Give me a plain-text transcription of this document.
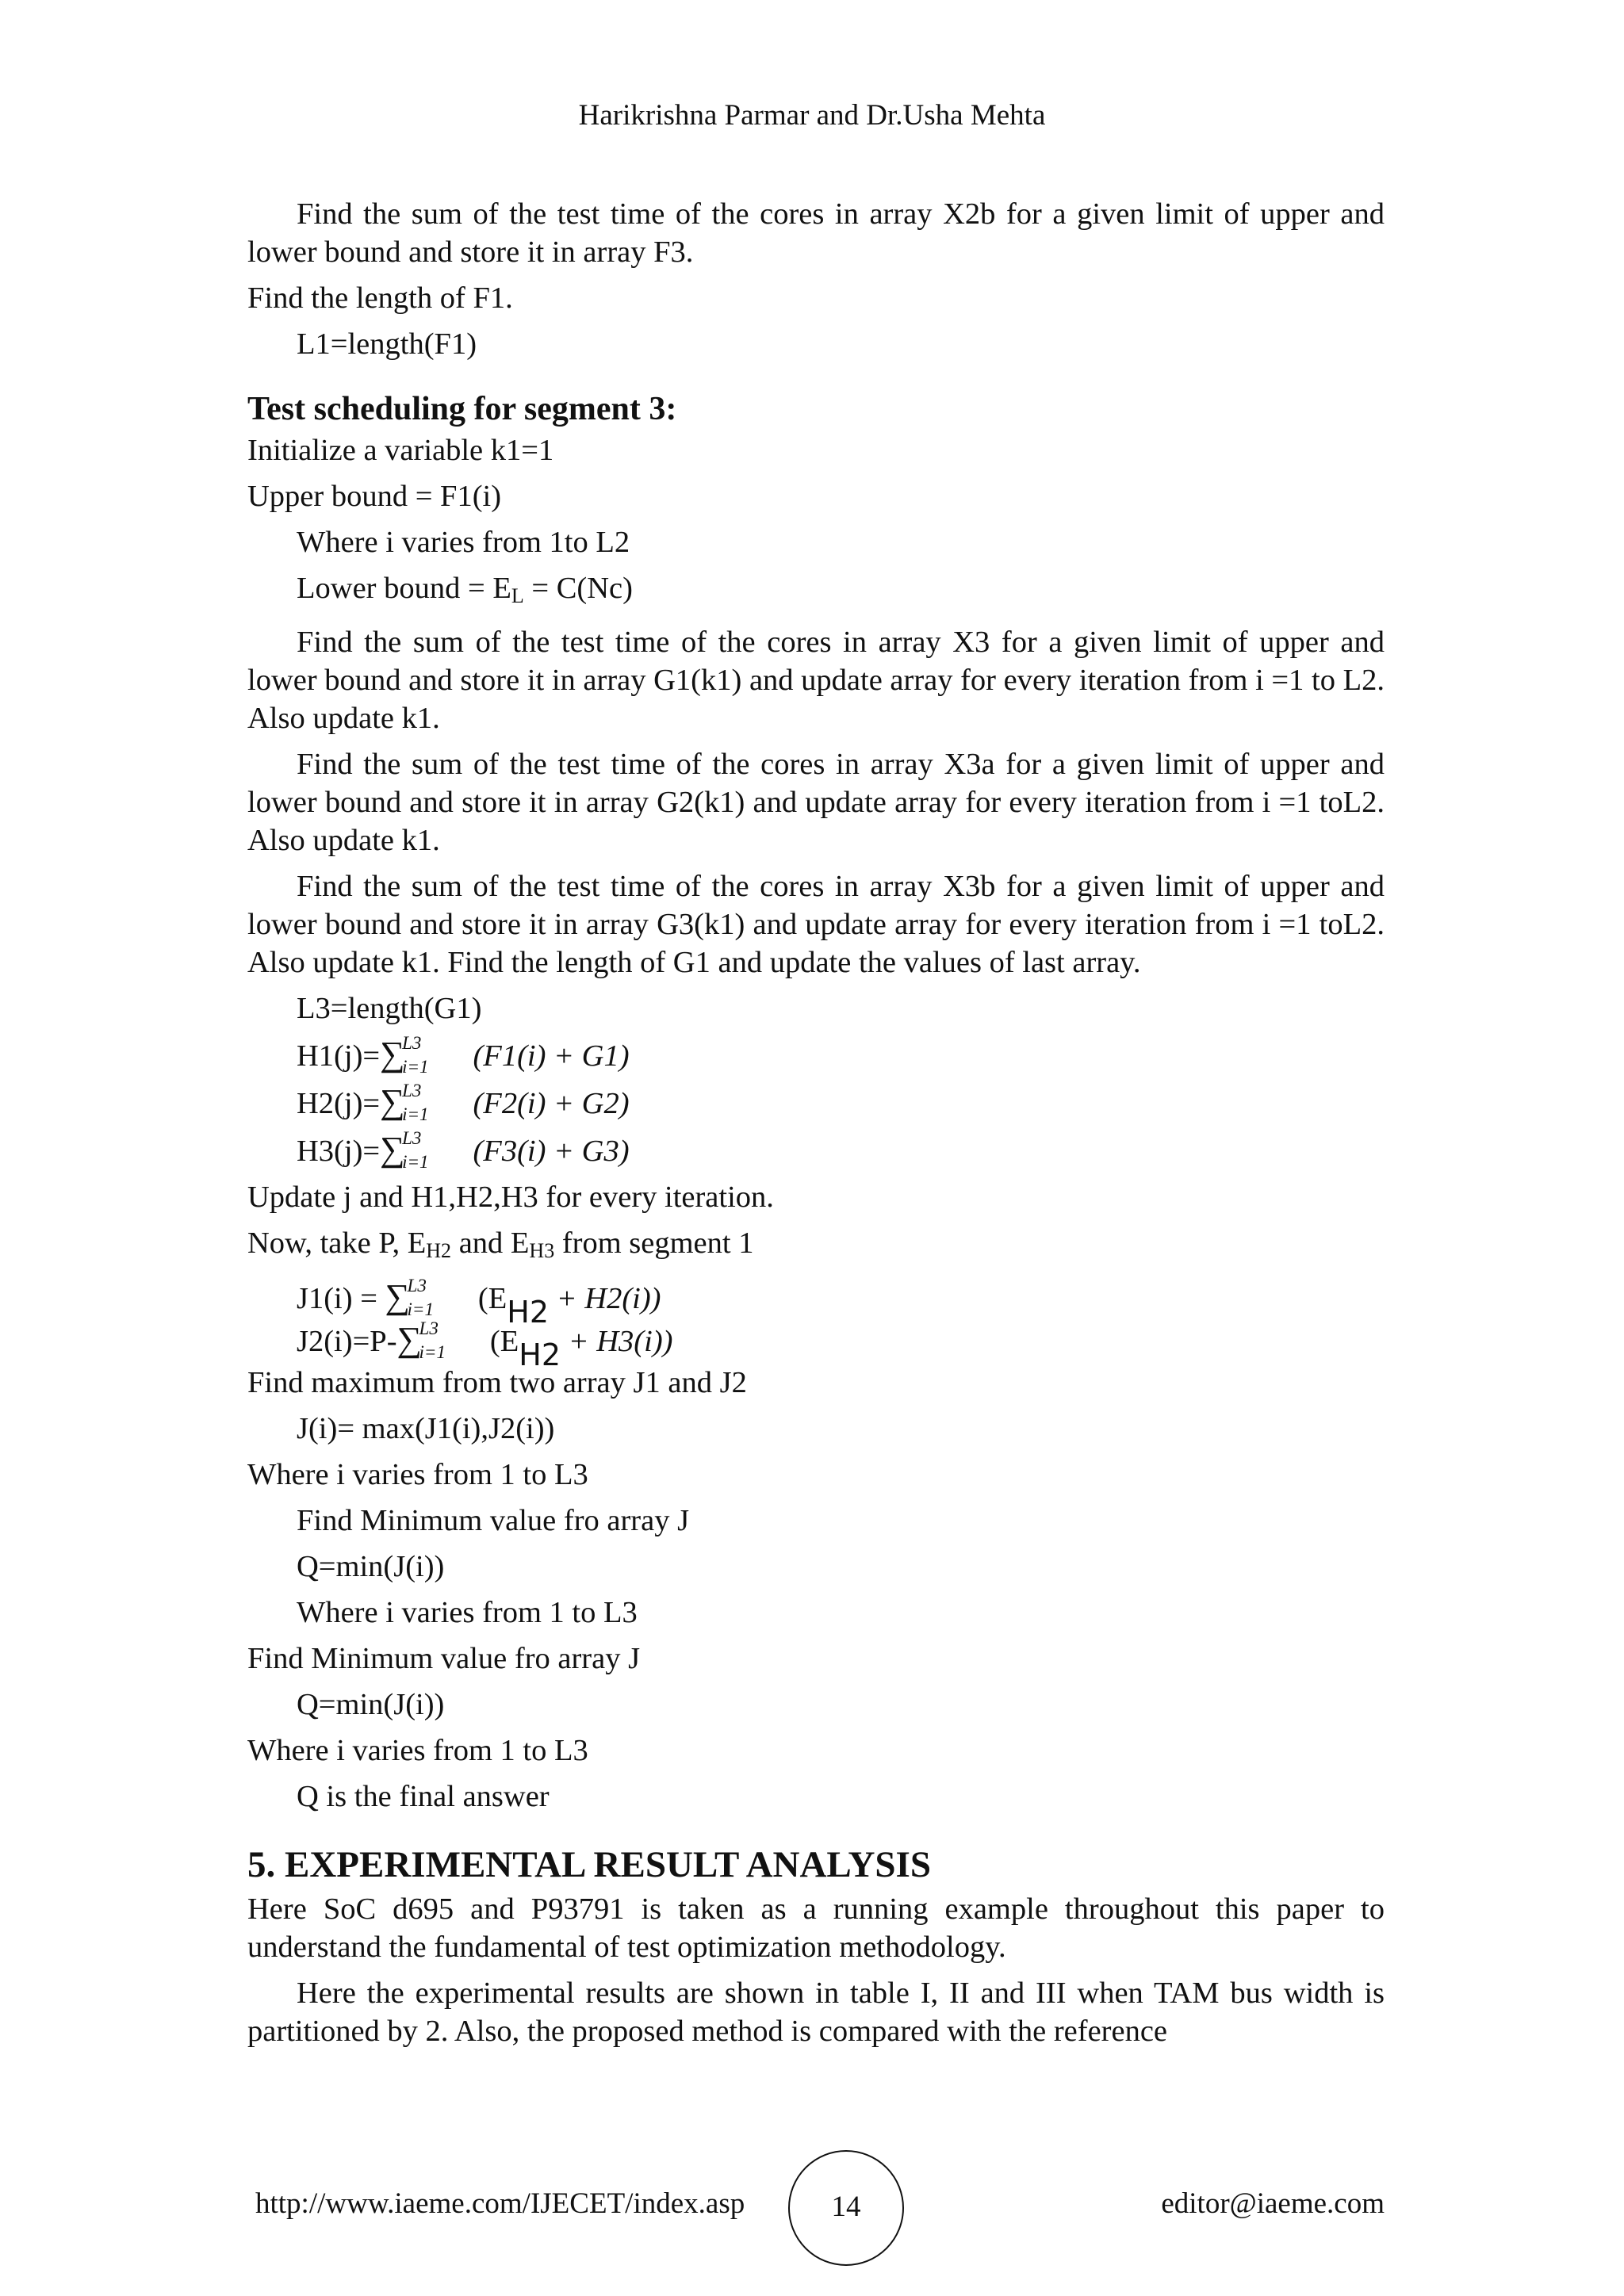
Harikrishna Parmar and Dr.Usha Mehta

Find the sum of the test time of the cores in array X2b for a given limit of upper and lower bound and store it in array F3.

Find the length of F1.

L1=length(F1)

Test scheduling for segment 3:

Initialize a variable k1=1

Upper bound = F1(i)

Where i varies from 1to L2

Lower bound = $E_L = C(Nc)$

Find the sum of the test time of the cores in array X3 for a given limit of upper and lower bound and store it in array G1(k1) and update array for every iteration from i =1 to L2. Also update k1.

Find the sum of the test time of the cores in array X3a for a given limit of upper and lower bound and store it in array G2(k1) and update array for every iteration from i =1 toL2. Also update k1.

Find the sum of the test time of the cores in array X3b for a given limit of upper and lower bound and store it in array G3(k1) and update array for every iteration from i =1 toL2. Also update k1. Find the length of G1 and update the values of last array.

L3=length(G1)

H1(j)=∑
L3
i=1 (F1(i) + G1)

H2(j)=∑
L3
i=1 (F2(i) + G2)

H3(j)=∑
L3
i=1 (F3(i) + G3)

Update j and H1,H2,H3 for every iteration.

Now, take P, $E_{H2}$ and $E_{H3}$ from segment 1

J1(i) = ∑
L3
i=1 (EH2 + H2(i))

J2(i)=P-∑
L3
i=1 (EH2 + H3(i))

Find maximum from two array J1 and J2

J(i)= max(J1(i),J2(i))

Where i varies from 1 to L3

Find Minimum value fro array J

Q=min(J(i))

Where i varies from 1 to L3

Find Minimum value fro array J

Q=min(J(i))

Where i varies from 1 to L3

Q is the final answer

5. EXPERIMENTAL RESULT ANALYSIS

Here SoC d695 and P93791 is taken as a running example throughout this paper to understand the fundamental of test optimization methodology.

Here the experimental results are shown in table I, II and III when TAM bus width is partitioned by 2. Also, the proposed method is compared with the reference

http://www.iaeme.com/IJECET/index.asp	14	editor@iaeme.com
